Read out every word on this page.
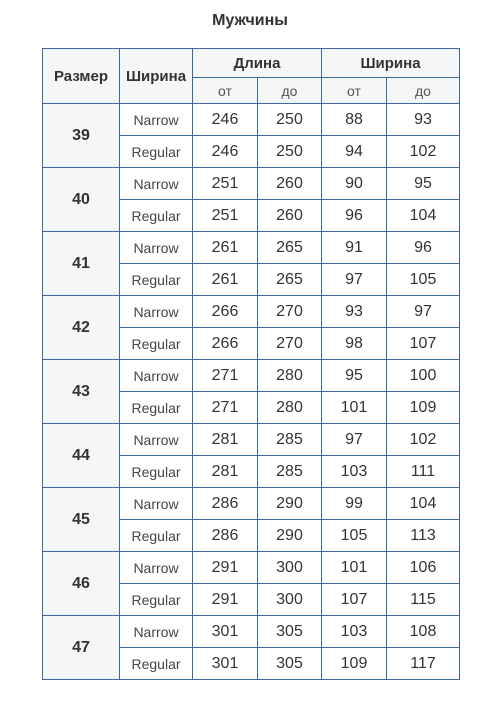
Мужчины
Размер	Ширина	Длина		Ширина	
		от	до	от	до
39	Narrow	246	250	88	93
	Regular	246	250	94	102
40	Narrow	251	260	90	95
	Regular	251	260	96	104
41	Narrow	261	265	91	96
	Regular	261	265	97	105
42	Narrow	266	270	93	97
	Regular	266	270	98	107
43	Narrow	271	280	95	100
	Regular	271	280	101	109
44	Narrow	281	285	97	102
	Regular	281	285	103	111
45	Narrow	286	290	99	104
	Regular	286	290	105	113
46	Narrow	291	300	101	106
	Regular	291	300	107	115
47	Narrow	301	305	103	108
	Regular	301	305	109	117
